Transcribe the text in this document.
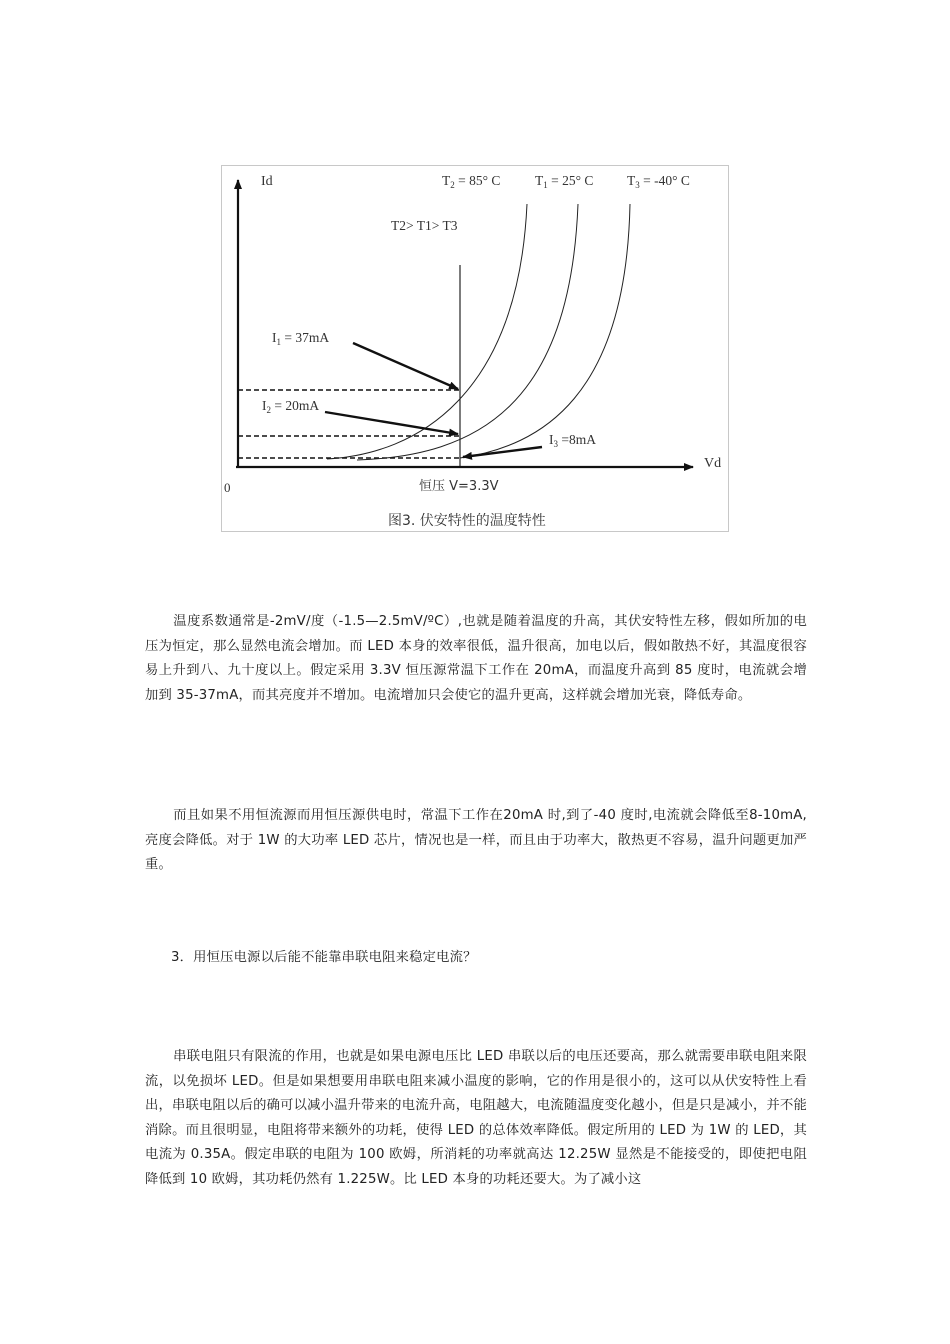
Id
Vd
0
$T_2 = 85^\circ$ C	$T_1 = 25^\circ$ C $T_3 = -40^\circ$ C
T2> T1> T3
$I_1 = 37mA$
$I_2 = 20mA$
$I_3 =8mA$
恒压 V=3.3V
图3. 伏安特性的温度特性

温度系数通常是-2mV/度（-1.5—2.5mV/ºC）,也就是随着温度的升高，其伏安特性左移，假如所加的电压为恒定，那么显然电流会增加。而 LED 本身的效率很低，温升很高，加电以后，假如散热不好，其温度很容易上升到八、九十度以上。假定采用 3.3V 恒压源常温下工作在 20mA，而温度升高到 85 度时，电流就会增加到 35-37mA，而其亮度并不增加。电流增加只会使它的温升更高，这样就会增加光衰，降低寿命。

而且如果不用恒流源而用恒压源供电时，常温下工作在20mA 时,到了-40 度时,电流就会降低至8-10mA,亮度会降低。对于 1W 的大功率 LED 芯片，情况也是一样，而且由于功率大，散热更不容易，温升问题更加严重。

3．用恒压电源以后能不能靠串联电阻来稳定电流？

串联电阻只有限流的作用，也就是如果电源电压比 LED 串联以后的电压还要高，那么就需要串联电阻来限流，以免损坏 LED。但是如果想要用串联电阻来减小温度的影响，它的作用是很小的，这可以从伏安特性上看出，串联电阻以后的确可以减小温升带来的电流升高，电阻越大，电流随温度变化越小，但是只是减小，并不能消除。而且很明显，电阻将带来额外的功耗，使得 LED 的总体效率降低。假定所用的 LED 为 1W 的 LED，其电流为 0.35A。假定串联的电阻为 100 欧姆，所消耗的功率就高达 12.25W 显然是不能接受的，即使把电阻降低到 10 欧姆，其功耗仍然有 1.225W。比 LED 本身的功耗还要大。为了减小这
